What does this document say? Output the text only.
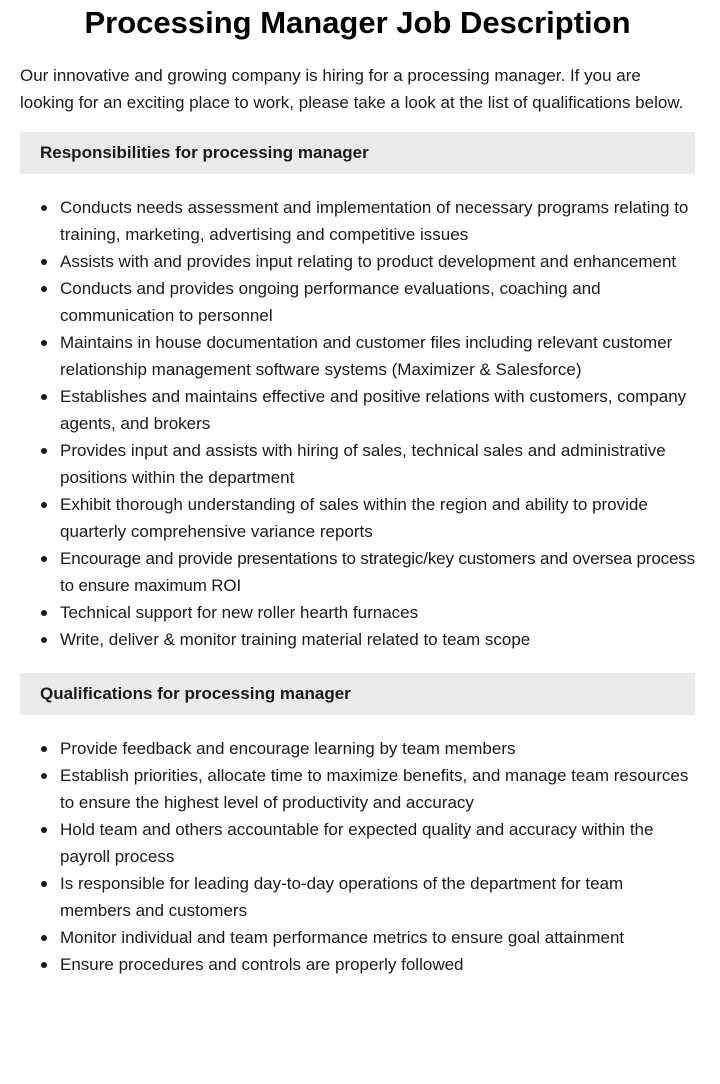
Processing Manager Job Description

Our innovative and growing company is hiring for a processing manager. If you are looking for an exciting place to work, please take a look at the list of qualifications below.

Responsibilities for processing manager
Conducts needs assessment and implementation of necessary programs relating to training, marketing, advertising and competitive issues
Assists with and provides input relating to product development and enhancement
Conducts and provides ongoing performance evaluations, coaching and communication to personnel
Maintains in house documentation and customer files including relevant customer relationship management software systems (Maximizer & Salesforce)
Establishes and maintains effective and positive relations with customers, company agents, and brokers
Provides input and assists with hiring of sales, technical sales and administrative positions within the department
Exhibit thorough understanding of sales within the region and ability to provide quarterly comprehensive variance reports
Encourage and provide presentations to strategic/key customers and oversea process to ensure maximum ROI
Technical support for new roller hearth furnaces
Write, deliver & monitor training material related to team scope
Qualifications for processing manager
Provide feedback and encourage learning by team members
Establish priorities, allocate time to maximize benefits, and manage team resources to ensure the highest level of productivity and accuracy
Hold team and others accountable for expected quality and accuracy within the payroll process
Is responsible for leading day-to-day operations of the department for team members and customers
Monitor individual and team performance metrics to ensure goal attainment
Ensure procedures and controls are properly followed
